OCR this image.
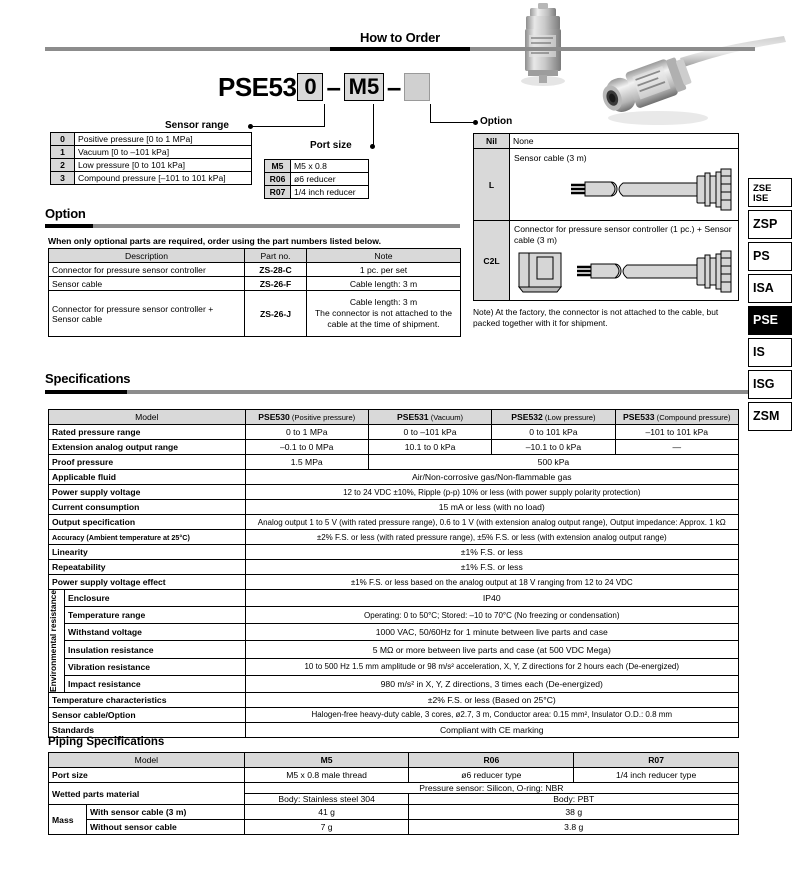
How to Order
PSE53 0 – M5 –
Sensor range
Port size
Option
0	Positive pressure [0 to 1 MPa]
1	Vacuum [0 to –101 kPa]
2	Low pressure [0 to 101 kPa]
3	Compound pressure [–101 to 101 kPa]
M5	M5 x 0.8
R06	ø6 reducer
R07	1/4 inch reducer
Nil	None
L	Sensor cable (3 m)

C2L	Connector for pressure sensor controller (1 pc.) + Sensor cable (3 m)
Note) At the factory, the connector is not attached to the cable, but packed together with it for shipment.
Option
When only optional parts are required, order using the part numbers listed below.
Description	Part no.	Note
Connector for pressure sensor controller	ZS-28-C	1 pc. per set
Sensor cable	ZS-26-F	Cable length: 3 m
Connector for pressure sensor controller + Sensor cable	ZS-26-J	Cable length: 3 m
The connector is not attached to the cable at the time of shipment.
Specifications
Model		PSE530 (Positive pressure)	PSE531 (Vacuum)	PSE532 (Low pressure)	PSE533 (Compound pressure)
Rated pressure range		0 to 1 MPa	0 to –101 kPa	0 to 101 kPa	–101 to 101 kPa
Extension analog output range		–0.1 to 0 MPa	10.1 to 0 kPa	–10.1 to 0 kPa	—
Proof pressure		1.5 MPa	500 kPa		
Applicable fluid		Air/Non-corrosive gas/Non-flammable gas			
Power supply voltage		12 to 24 VDC ±10%, Ripple (p-p) 10% or less (with power supply polarity protection)			
Current consumption		15 mA or less (with no load)			
Output specification		Analog output 1 to 5 V (with rated pressure range), 0.6 to 1 V (with extension analog output range), Output impedance: Approx. 1 kΩ			
Accuracy (Ambient temperature at 25°C)		±2% F.S. or less (with rated pressure range), ±5% F.S. or less (with extension analog output range)			
Linearity		±1% F.S. or less			
Repeatability		±1% F.S. or less			
Power supply voltage effect		±1% F.S. or less based on the analog output at 18 V ranging from 12 to 24 VDC			

Environmental resistance	Enclosure	IP40			
	Temperature range	Operating: 0 to 50°C; Stored: –10 to 70°C (No freezing or condensation)			
	Withstand voltage	1000 VAC, 50/60Hz for 1 minute between live parts and case			
	Insulation resistance	5 MΩ or more between live parts and case (at 500 VDC Mega)			
	Vibration resistance	10 to 500 Hz 1.5 mm amplitude or 98 m/s² acceleration, X, Y, Z directions for 2 hours each (De-energized)			
	Impact resistance	980 m/s² in X, Y, Z directions, 3 times each (De-energized)			
Temperature characteristics		±2% F.S. or less (Based on 25°C)			
Sensor cable/Option		Halogen-free heavy-duty cable, 3 cores, ø2.7, 3 m, Conductor area: 0.15 mm², Insulator O.D.: 0.8 mm			
Standards		Compliant with CE marking			
Piping Specifications
Model		M5	R06	R07
Port size		M5 x 0.8 male thread	ø6 reducer type	1/4 inch reducer type
Wetted parts material		Pressure sensor: Silicon, O-ring: NBR		
		Body: Stainless steel 304	Body: PBT	
Mass	With sensor cable (3 m)	41 g	38 g	
	Without sensor cable	7 g	3.8 g	
ZSE
ISE
ZSP
PS
ISA
PSE
IS
ISG
ZSM
